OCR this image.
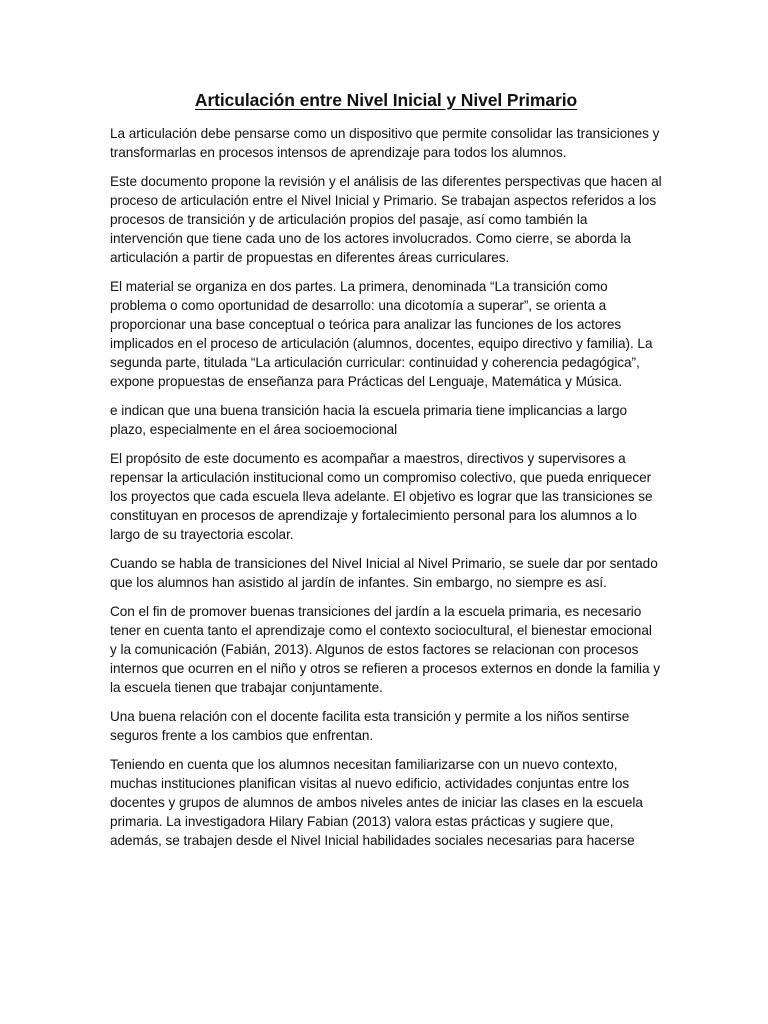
Articulación entre Nivel Inicial y Nivel Primario

La articulación debe pensarse como un dispositivo que permite consolidar las transiciones y transformarlas en procesos intensos de aprendizaje para todos los alumnos.

Este documento propone la revisión y el análisis de las diferentes perspectivas que hacen al proceso de articulación entre el Nivel Inicial y Primario. Se trabajan aspectos referidos a los procesos de transición y de articulación propios del pasaje, así como también la intervención que tiene cada uno de los actores involucrados. Como cierre, se aborda la articulación a partir de propuestas en diferentes áreas curriculares.

El material se organiza en dos partes. La primera, denominada “La transición como problema o como oportunidad de desarrollo: una dicotomía a superar”, se orienta a proporcionar una base conceptual o teórica para analizar las funciones de los actores implicados en el proceso de articulación (alumnos, docentes, equipo directivo y familia). La segunda parte, titulada “La articulación curricular: continuidad y coherencia pedagógica”, expone propuestas de enseñanza para Prácticas del Lenguaje, Matemática y Música.

e indican que una buena transición hacia la escuela primaria tiene implicancias a largo plazo, especialmente en el área socioemocional

El propósito de este documento es acompañar a maestros, directivos y supervisores a repensar la articulación institucional como un compromiso colectivo, que pueda enriquecer los proyectos que cada escuela lleva adelante. El objetivo es lograr que las transiciones se constituyan en procesos de aprendizaje y fortalecimiento personal para los alumnos a lo largo de su trayectoria escolar.

Cuando se habla de transiciones del Nivel Inicial al Nivel Primario, se suele dar por sentado que los alumnos han asistido al jardín de infantes. Sin embargo, no siempre es así.

Con el fin de promover buenas transiciones del jardín a la escuela primaria, es necesario tener en cuenta tanto el aprendizaje como el contexto sociocultural, el bienestar emocional y la comunicación (Fabián, 2013). Algunos de estos factores se relacionan con procesos internos que ocurren en el niño y otros se refieren a procesos externos en donde la familia y la escuela tienen que trabajar conjuntamente.

Una buena relación con el docente facilita esta transición y permite a los niños sentirse seguros frente a los cambios que enfrentan.

Teniendo en cuenta que los alumnos necesitan familiarizarse con un nuevo contexto, muchas instituciones planifican visitas al nuevo edificio, actividades conjuntas entre los docentes y grupos de alumnos de ambos niveles antes de iniciar las clases en la escuela primaria. La investigadora Hilary Fabian (2013) valora estas prácticas y sugiere que, además, se trabajen desde el Nivel Inicial habilidades sociales necesarias para hacerse
